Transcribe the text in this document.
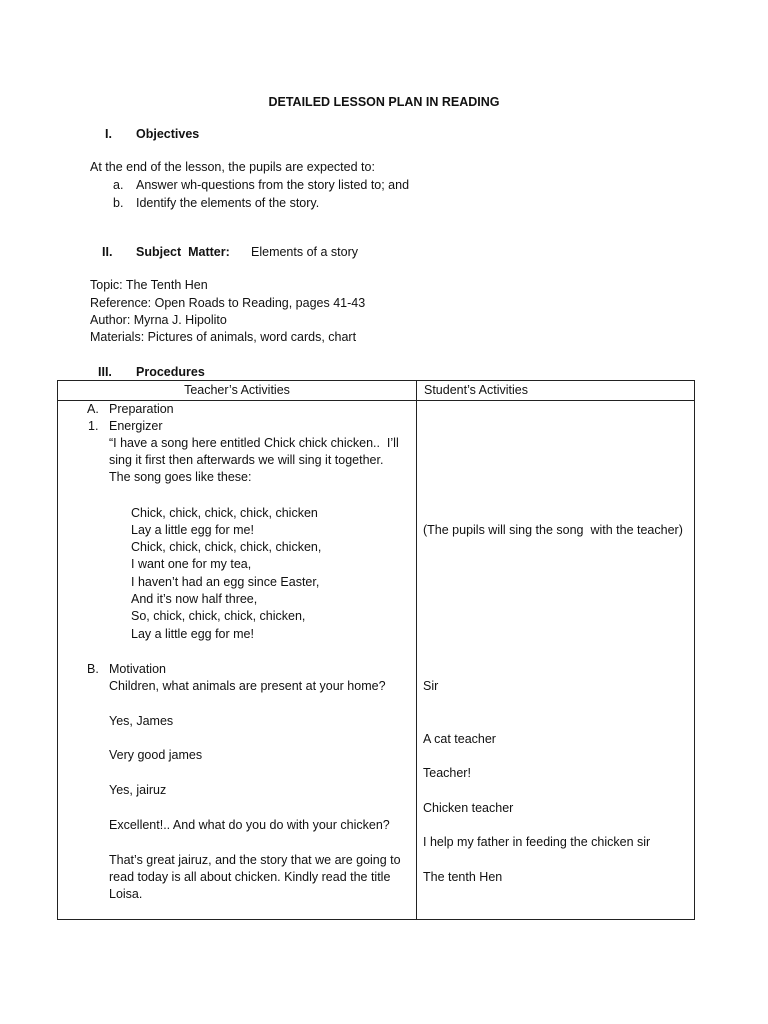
DETAILED LESSON PLAN IN READING
I. Objectives
At the end of the lesson, the pupils are expected to:
a. Answer wh-questions from the story listed to; and
b. Identify the elements of the story.
II. Subject  Matter: Elements of a story
Topic: The Tenth Hen
Reference: Open Roads to Reading, pages 41-43
Author: Myrna J. Hipolito
Materials: Pictures of animals, word cards, chart
III. Procedures
Teacher’s Activities	Student’s Activities
A. Preparation
1. Energizer
“I have a song here entitled Chick chick chicken..  I’ll
sing it first then afterwards we will sing it together.
The song goes like these:
Chick, chick, chick, chick, chicken
Lay a little egg for me!
Chick, chick, chick, chick, chicken,
I want one for my tea,
I haven’t had an egg since Easter,
And it’s now half three,
So, chick, chick, chick, chicken,
Lay a little egg for me!
B. Motivation
Children, what animals are present at your home?
Yes, James
Very good james
Yes, jairuz
Excellent!.. And what do you do with your chicken?
That’s great jairuz, and the story that we are going to
read today is all about chicken. Kindly read the title
Loisa.
(The pupils will sing the song  with the teacher)
Sir
A cat teacher
Teacher!
Chicken teacher
I help my father in feeding the chicken sir
The tenth Hen
